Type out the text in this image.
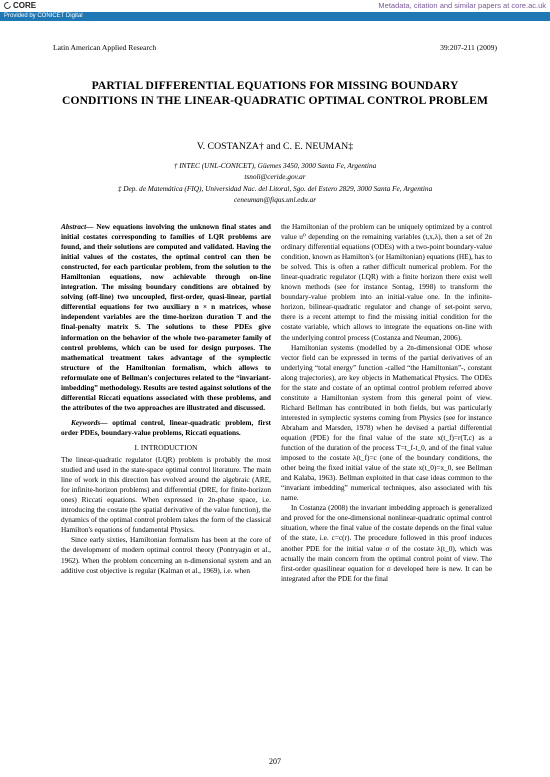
CORE	Metadata, citation and similar papers at core.ac.uk
Provided by CONICET Digital
Latin American Applied Research	39:207-211 (2009)
PARTIAL DIFFERENTIAL EQUATIONS FOR MISSING BOUNDARY CONDITIONS IN THE LINEAR-QUADRATIC OPTIMAL CONTROL PROBLEM
V. COSTANZA† and C. E. NEUMAN‡
† INTEC (UNL-CONICET), Güemes 3450, 3000 Santa Fe, Argentina
tsnoli@ceride.gov.ar
‡ Dep. de Matemática (FIQ), Universidad Nac. del Litoral, Sgo. del Estero 2829, 3000 Santa Fe, Argentina
ceneuman@fiqus.unl.edu.ar

Abstract— New equations involving the unknown final states and initial costates corresponding to families of LQR problems are found, and their solutions are computed and validated. Having the initial values of the costates, the optimal control can then be constructed, for each particular problem, from the solution to the Hamiltonian equations, now achievable through on-line integration. The missing boundary conditions are obtained by solving (off-line) two uncoupled, first-order, quasi-linear, partial differential equations for two auxiliary n × n matrices, whose independent variables are the time-horizon duration T and the final-penalty matrix S. The solutions to these PDEs give information on the behavior of the whole two-parameter family of control problems, which can be used for design purposes. The mathematical treatment takes advantage of the symplectic structure of the Hamiltonian formalism, which allows to reformulate one of Bellman's conjectures related to the “invariant-imbedding” methodology. Results are tested against solutions of the differential Riccati equations associated with these problems, and the attributes of the two approaches are illustrated and discussed.

Keywords— optimal control, linear-quadratic problem, first order PDEs, boundary-value problems, Riccati equations.

I. INTRODUCTION

The linear-quadratic regulator (LQR) problem is probably the most studied and used in the state-space optimal control literature. The main line of work in this direction has evolved around the algebraic (ARE, for infinite-horizon problems) and differential (DRE, for finite-horizon ones) Riccati equations. When expressed in 2n-phase space, i.e. introducing the costate (the spatial derivative of the value function), the dynamics of the optimal control problem takes the form of the classical Hamilton's equations of fundamental Physics.

Since early sixties, Hamiltonian formalism has been at the core of the development of modern optimal control theory (Pontryagin et al., 1962). When the problem concerning an n-dimensional system and an additive cost objective is regular (Kalman et al., 1969), i.e. when

the Hamiltonian of the problem can be uniquely optimized by a control value u⁰ depending on the remaining variables (t,x,λ), then a set of 2n ordinary differential equations (ODEs) with a two-point boundary-value condition, known as Hamilton's (or Hamiltonian) equations (HE), has to be solved. This is often a rather difficult numerical problem. For the linear-quadratic regulator (LQR) with a finite horizon there exist well known methods (see for instance Sontag, 1998) to transform the boundary-value problem into an initial-value one. In the infinite-horizon, bilinear-quadratic regulator and change of set-point servo, there is a recent attempt to find the missing initial condition for the costate variable, which allows to integrate the equations on-line with the underlying control process (Costanza and Neuman, 2006).

Hamiltonian systems (modelled by a 2n-dimensional ODE whose vector field can be expressed in terms of the partial derivatives of an underlying “total energy” function -called “the Hamiltonian”-, constant along trajectories), are key objects in Mathematical Physics. The ODEs for the state and costate of an optimal control problem referred above constitute a Hamiltonian system from this general point of view. Richard Bellman has contributed in both fields, but was particularly interested in symplectic systems coming from Physics (see for instance Abraham and Marsden, 1978) when he devised a partial differential equation (PDE) for the final value of the state x(t_f)=r(T,c) as a function of the duration of the process T=t_f-t_0, and of the final value imposed to the costate λ(t_f)=c (one of the boundary conditions, the other being the fixed initial value of the state x(t_0)=x_0, see Bellman and Kalaba, 1963). Bellman exploited in that case ideas common to the “invariant imbedding” numerical techniques, also associated with his name.

In Costanza (2008) the invariant imbedding approach is generalized and proved for the one-dimensional nonlinear-quadratic optimal control situation, where the final value of the costate depends on the final value of the state, i.e. c=c(r). The procedure followed in this proof induces another PDE for the initial value σ of the costate λ(t_0), which was actually the main concern from the optimal control point of view. The first-order quasilinear equation for σ developed here is new. It can be integrated after the PDE for the final

207
